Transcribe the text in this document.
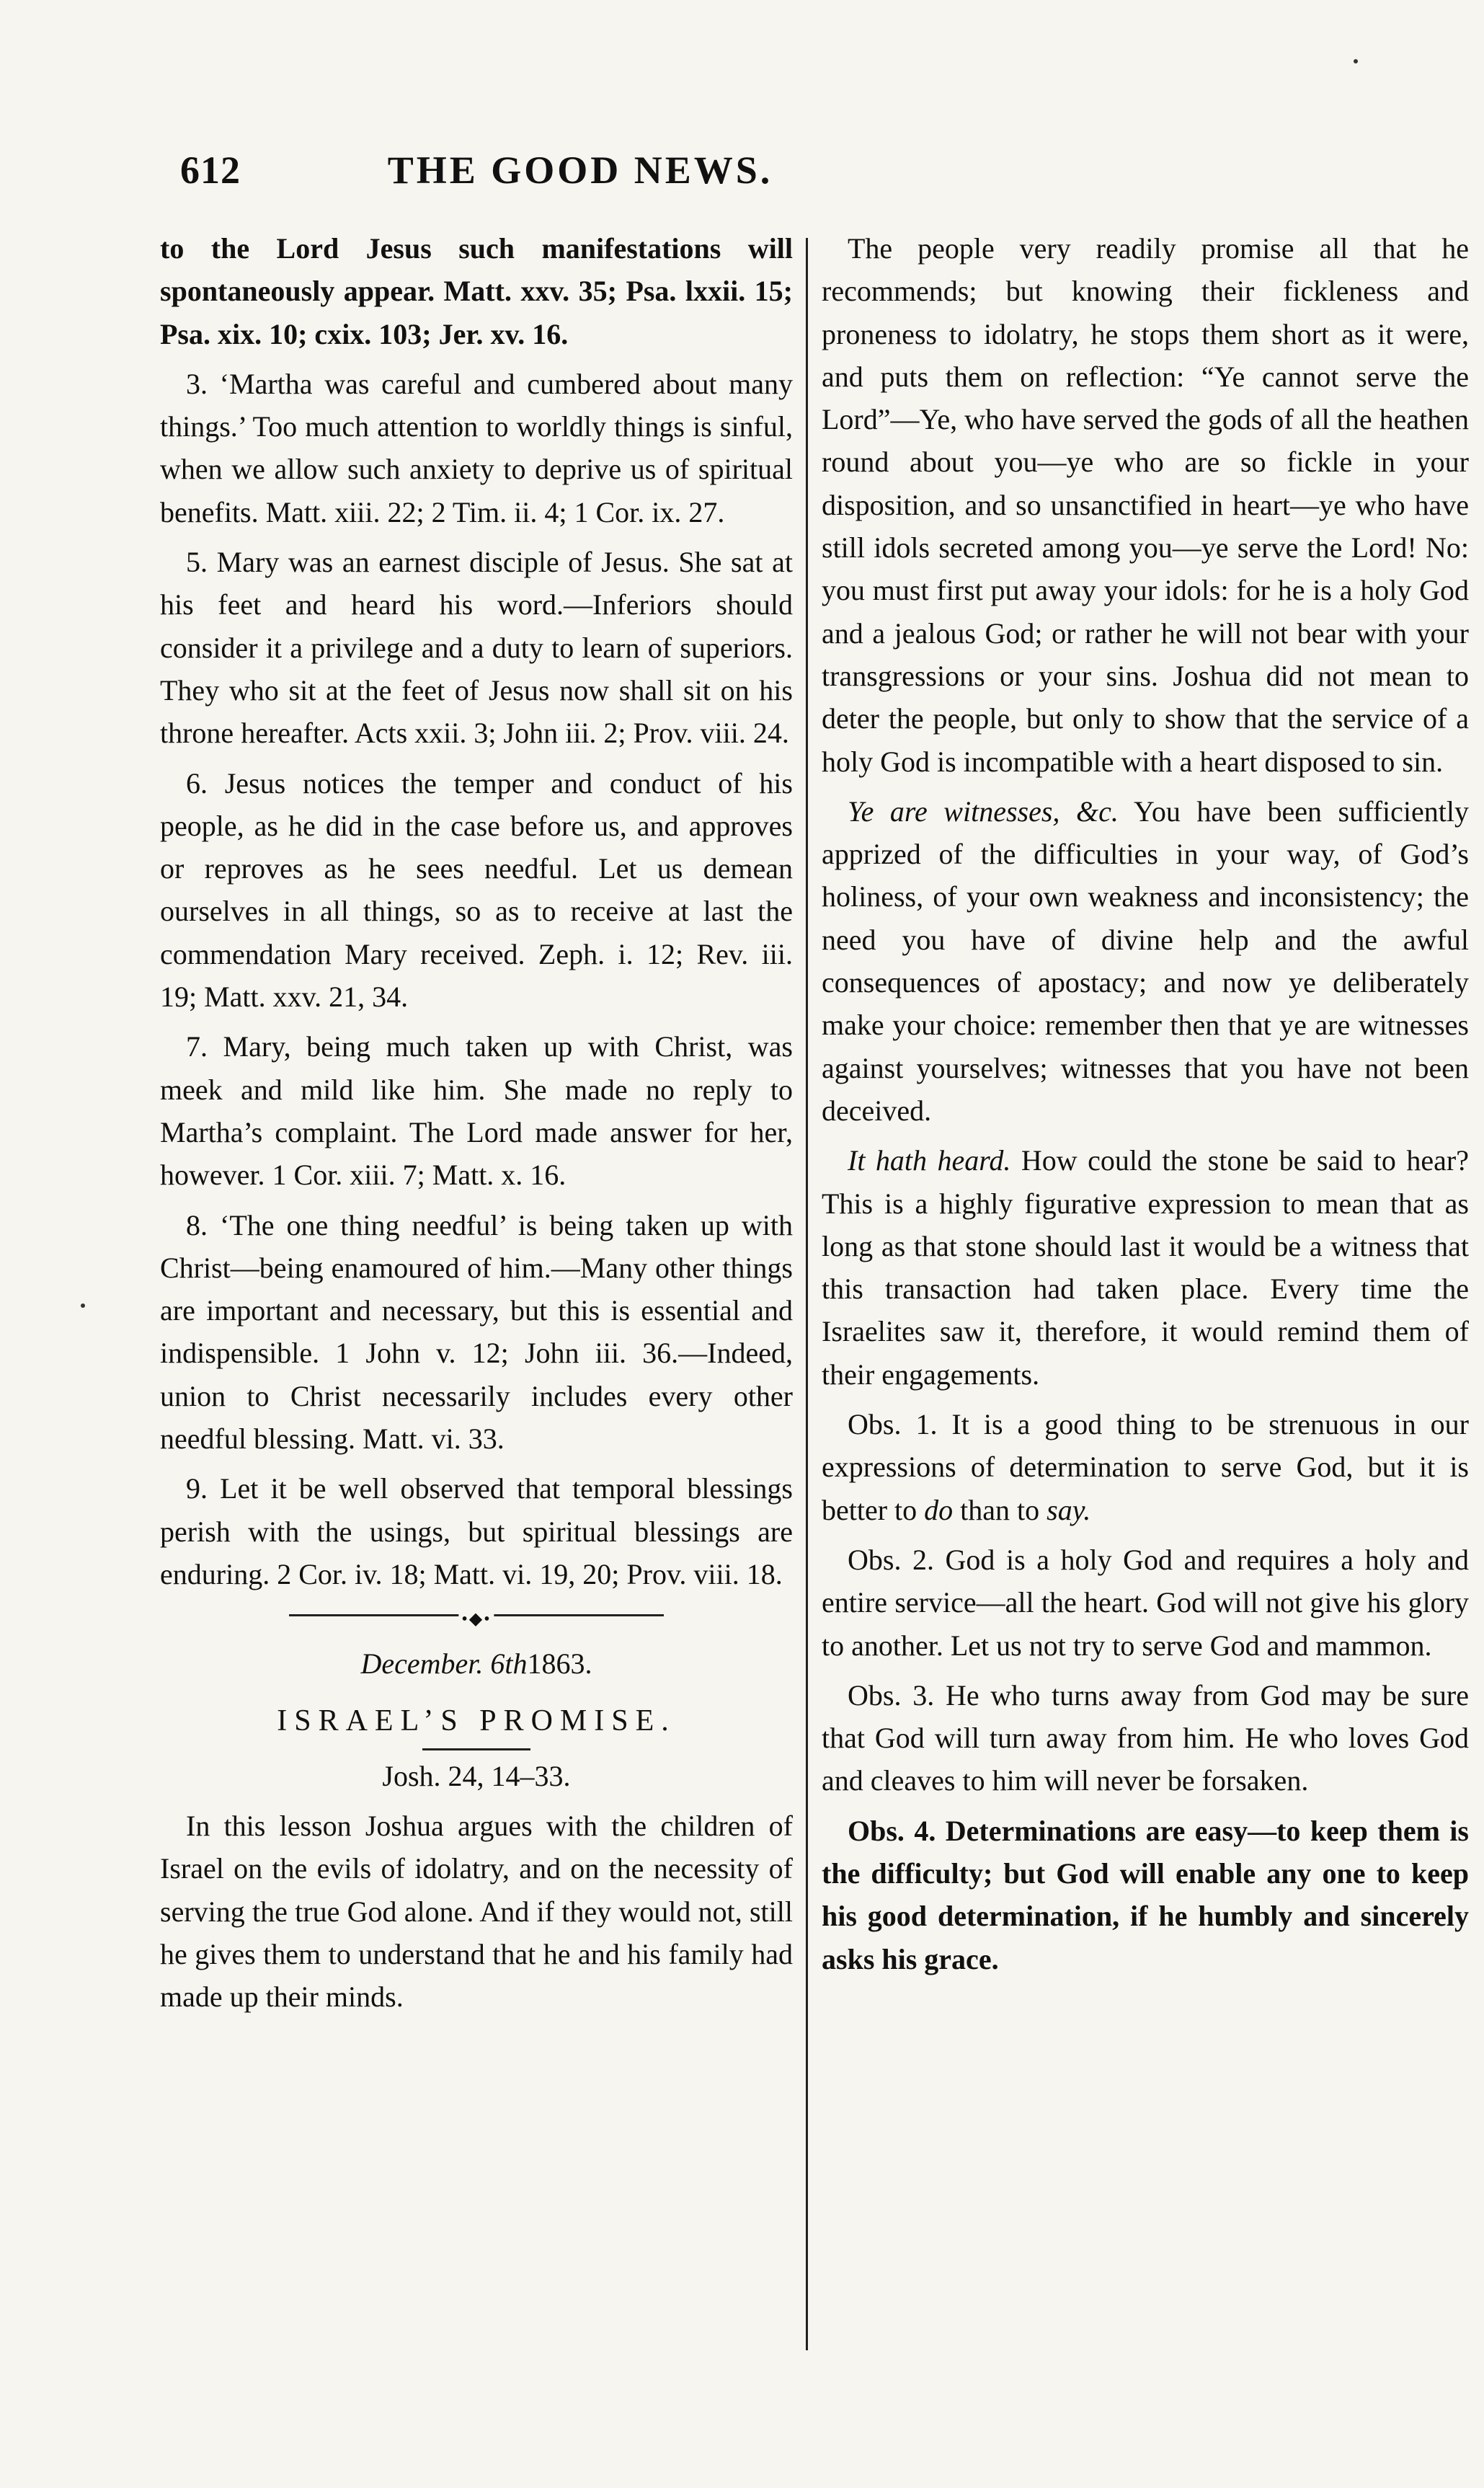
612	THE GOOD NEWS.

to the Lord Jesus such manifestations will spontaneously appear. Matt. xxv. 35; Psa. lxxii. 15; Psa. xix. 10; cxix. 103; Jer. xv. 16.

3. ‘Martha was careful and cumbered about many things.’ Too much attention to worldly things is sinful, when we allow such anxiety to deprive us of spiritual benefits. Matt. xiii. 22; 2 Tim. ii. 4; 1 Cor. ix. 27.

5. Mary was an earnest disciple of Jesus. She sat at his feet and heard his word.—Inferiors should consider it a privilege and a duty to learn of superiors. They who sit at the feet of Jesus now shall sit on his throne hereafter. Acts xxii. 3; John iii. 2; Prov. viii. 24.

6. Jesus notices the temper and conduct of his people, as he did in the case before us, and approves or reproves as he sees needful. Let us demean ourselves in all things, so as to receive at last the commendation Mary received. Zeph. i. 12; Rev. iii. 19; Matt. xxv. 21, 34.

7. Mary, being much taken up with Christ, was meek and mild like him. She made no reply to Martha’s complaint. The Lord made answer for her, however. 1 Cor. xiii. 7; Matt. x. 16.

8. ‘The one thing needful’ is being taken up with Christ—being enamoured of him.—Many other things are important and necessary, but this is essential and indispensible. 1 John v. 12; John iii. 36.—Indeed, union to Christ necessarily includes every other needful blessing. Matt. vi. 33.

9. Let it be well observed that temporal blessings perish with the usings, but spiritual blessings are enduring. 2 Cor. iv. 18; Matt. vi. 19, 20; Prov. viii. 18.

•◆•
December. 6th1863.
ISRAEL’S PROMISE.
Josh. 24, 14–33.

In this lesson Joshua argues with the children of Israel on the evils of idolatry, and on the necessity of serving the true God alone. And if they would not, still he gives them to understand that he and his family had made up their minds.

The people very readily promise all that he recommends; but knowing their fickleness and proneness to idolatry, he stops them short as it were, and puts them on reflection: “Ye cannot serve the Lord”—Ye, who have served the gods of all the heathen round about you—ye who are so fickle in your disposition, and so unsanctified in heart—ye who have still idols secreted among you—ye serve the Lord! No: you must first put away your idols: for he is a holy God and a jealous God; or rather he will not bear with your transgressions or your sins. Joshua did not mean to deter the people, but only to show that the service of a holy God is incompatible with a heart disposed to sin.

Ye are witnesses, &c. You have been sufficiently apprized of the difficulties in your way, of God’s holiness, of your own weakness and inconsistency; the need you have of divine help and the awful consequences of apostacy; and now ye deliberately make your choice: remember then that ye are witnesses against yourselves; witnesses that you have not been deceived.

It hath heard. How could the stone be said to hear? This is a highly figurative expression to mean that as long as that stone should last it would be a witness that this transaction had taken place. Every time the Israelites saw it, therefore, it would remind them of their engagements.

Obs. 1. It is a good thing to be strenuous in our expressions of determination to serve God, but it is better to do than to say.

Obs. 2. God is a holy God and requires a holy and entire service—all the heart. God will not give his glory to another. Let us not try to serve God and mammon.

Obs. 3. He who turns away from God may be sure that God will turn away from him. He who loves God and cleaves to him will never be forsaken.

Obs. 4. Determinations are easy—to keep them is the difficulty; but God will enable any one to keep his good determination, if he humbly and sincerely asks his grace.
